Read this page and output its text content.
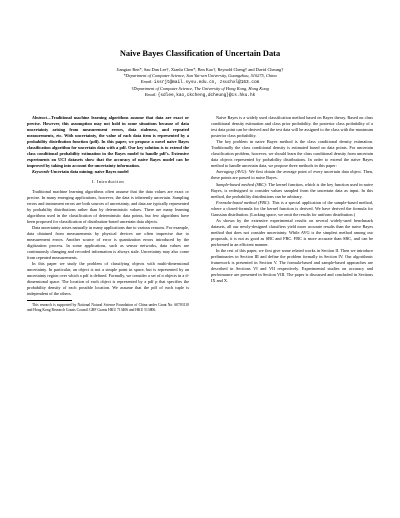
Naive Bayes Classification of Uncertain Data
Jiangtao Ren*, Sau Dan Lee†, Xianlu Chen*, Ben Kao†, Reynold Cheng† and David Cheung†
*Department of Computer Science, Sun Yat-sen University, Guangzhou, 510275, China
Email: issrjt@mail.sysu.edu.cn, zsuchxl@163.com
†Department of Computer Science, The University of Hong Kong, Hong Kong
Email: {sdlee,kao,ckcheng,dcheung}@cs.hku.hk

Abstract—Traditional machine learning algorithms assume that data are exact or precise. However, this assumption may not hold in some situations because of data uncertainty arising from measurement errors, data staleness, and repeated measurements, etc. With uncertainty, the value of each data item is represented by a probability distribution function (pdf). In this paper, we propose a novel naive Bayes classification algorithm for uncertain data with a pdf. Our key solution is to extend the class conditional probability estimation in the Bayes model to handle pdf's. Extensive experiments on UCI datasets show that the accuracy of naive Bayes model can be improved by taking into account the uncertainty information.

Keywords-Uncertain data mining; naive Bayes model

I. Introduction

Traditional machine learning algorithms often assume that the data values are exact or precise. In many emerging applications, however, the data is inherently uncertain. Sampling errors and instrument errors are both sources of uncertainty, and data are typically represented by probability distributions rather than by deterministic values. There are many learning algorithms used in the classification of deterministic data points, but few algorithms have been proposed for classification of distribution-based uncertain data objects.

Data uncertainty arises naturally in many applications due to various reasons. For example, data obtained from measurements by physical devices are often imprecise due to measurement errors. Another source of error is quantization errors introduced by the digitization process. In some applications, such as sensor networks, data values are continuously changing and recorded information is always stale. Uncertainty may also come from repeated measurements.

In this paper we study the problem of classifying objects with multi-dimensional uncertainty. In particular, an object is not a simple point in space, but is represented by an uncertainty region over which a pdf is defined. Formally, we consider a set of n objects in a d-dimensional space. The location of each object is represented by a pdf p that specifies the probability density of each possible location. We assume that the pdf of each tuple is independent of the others.

This research is supported by National Natural Science Foundation of China under Grant No. 60703110 and Hong Kong Research Grants Council GRF Grants HKU 713406 and HKU 513806.

Naive Bayes is a widely used classification method based on Bayes theory. Based on class conditional density estimation and class prior probability, the posterior class probability of a test data point can be derived and the test data will be assigned to the class with the maximum posterior class probability.

The key problem in naive Bayes method is the class conditional density estimation. Traditionally the class conditional density is estimated based on data points. For uncertain classification problem, however, we should learn the class conditional density from uncertain data objects represented by probability distributions. In order to extend the naive Bayes method to handle uncertain data, we propose three methods in this paper:

Averaging (AVG): We first obtain the average point of every uncertain data object. Then, these points are passed to naive Bayes.

Sample-based method (SBC): The kernel function, which is the key function used in naive Bayes, is redesigned to consider values sampled from the uncertain data as input. In this method, the probability distributions can be arbitrary.

Formula-based method (FBC): This is a special application of the sample-based method, where a closed-formula for the kernel function is derived. We have derived the formula for Gaussian distribution. (Lacking space, we omit the results for uniform distribution.)

As shown by the extensive experimental results on several widely-used benchmark datasets, all our newly-designed classifiers yield more accurate results than the naive Bayes method that does not consider uncertainty. While AVG is the simplest method among our proposals, it is not as good as SBC and FBC. FBC is more accurate than SBC, and can be performed in an efficient manner.

In the rest of this paper, we first give some related works in Section II. Then we introduce preliminaries in Section III and define the problem formally in Section IV. Our algorithmic framework is presented in Section V. The formula-based and sample-based approaches are described in Sections VI and VII respectively. Experimental studies on accuracy and performance are presented in Section VIII. The paper is discussed and concluded in Sections IX and X.
